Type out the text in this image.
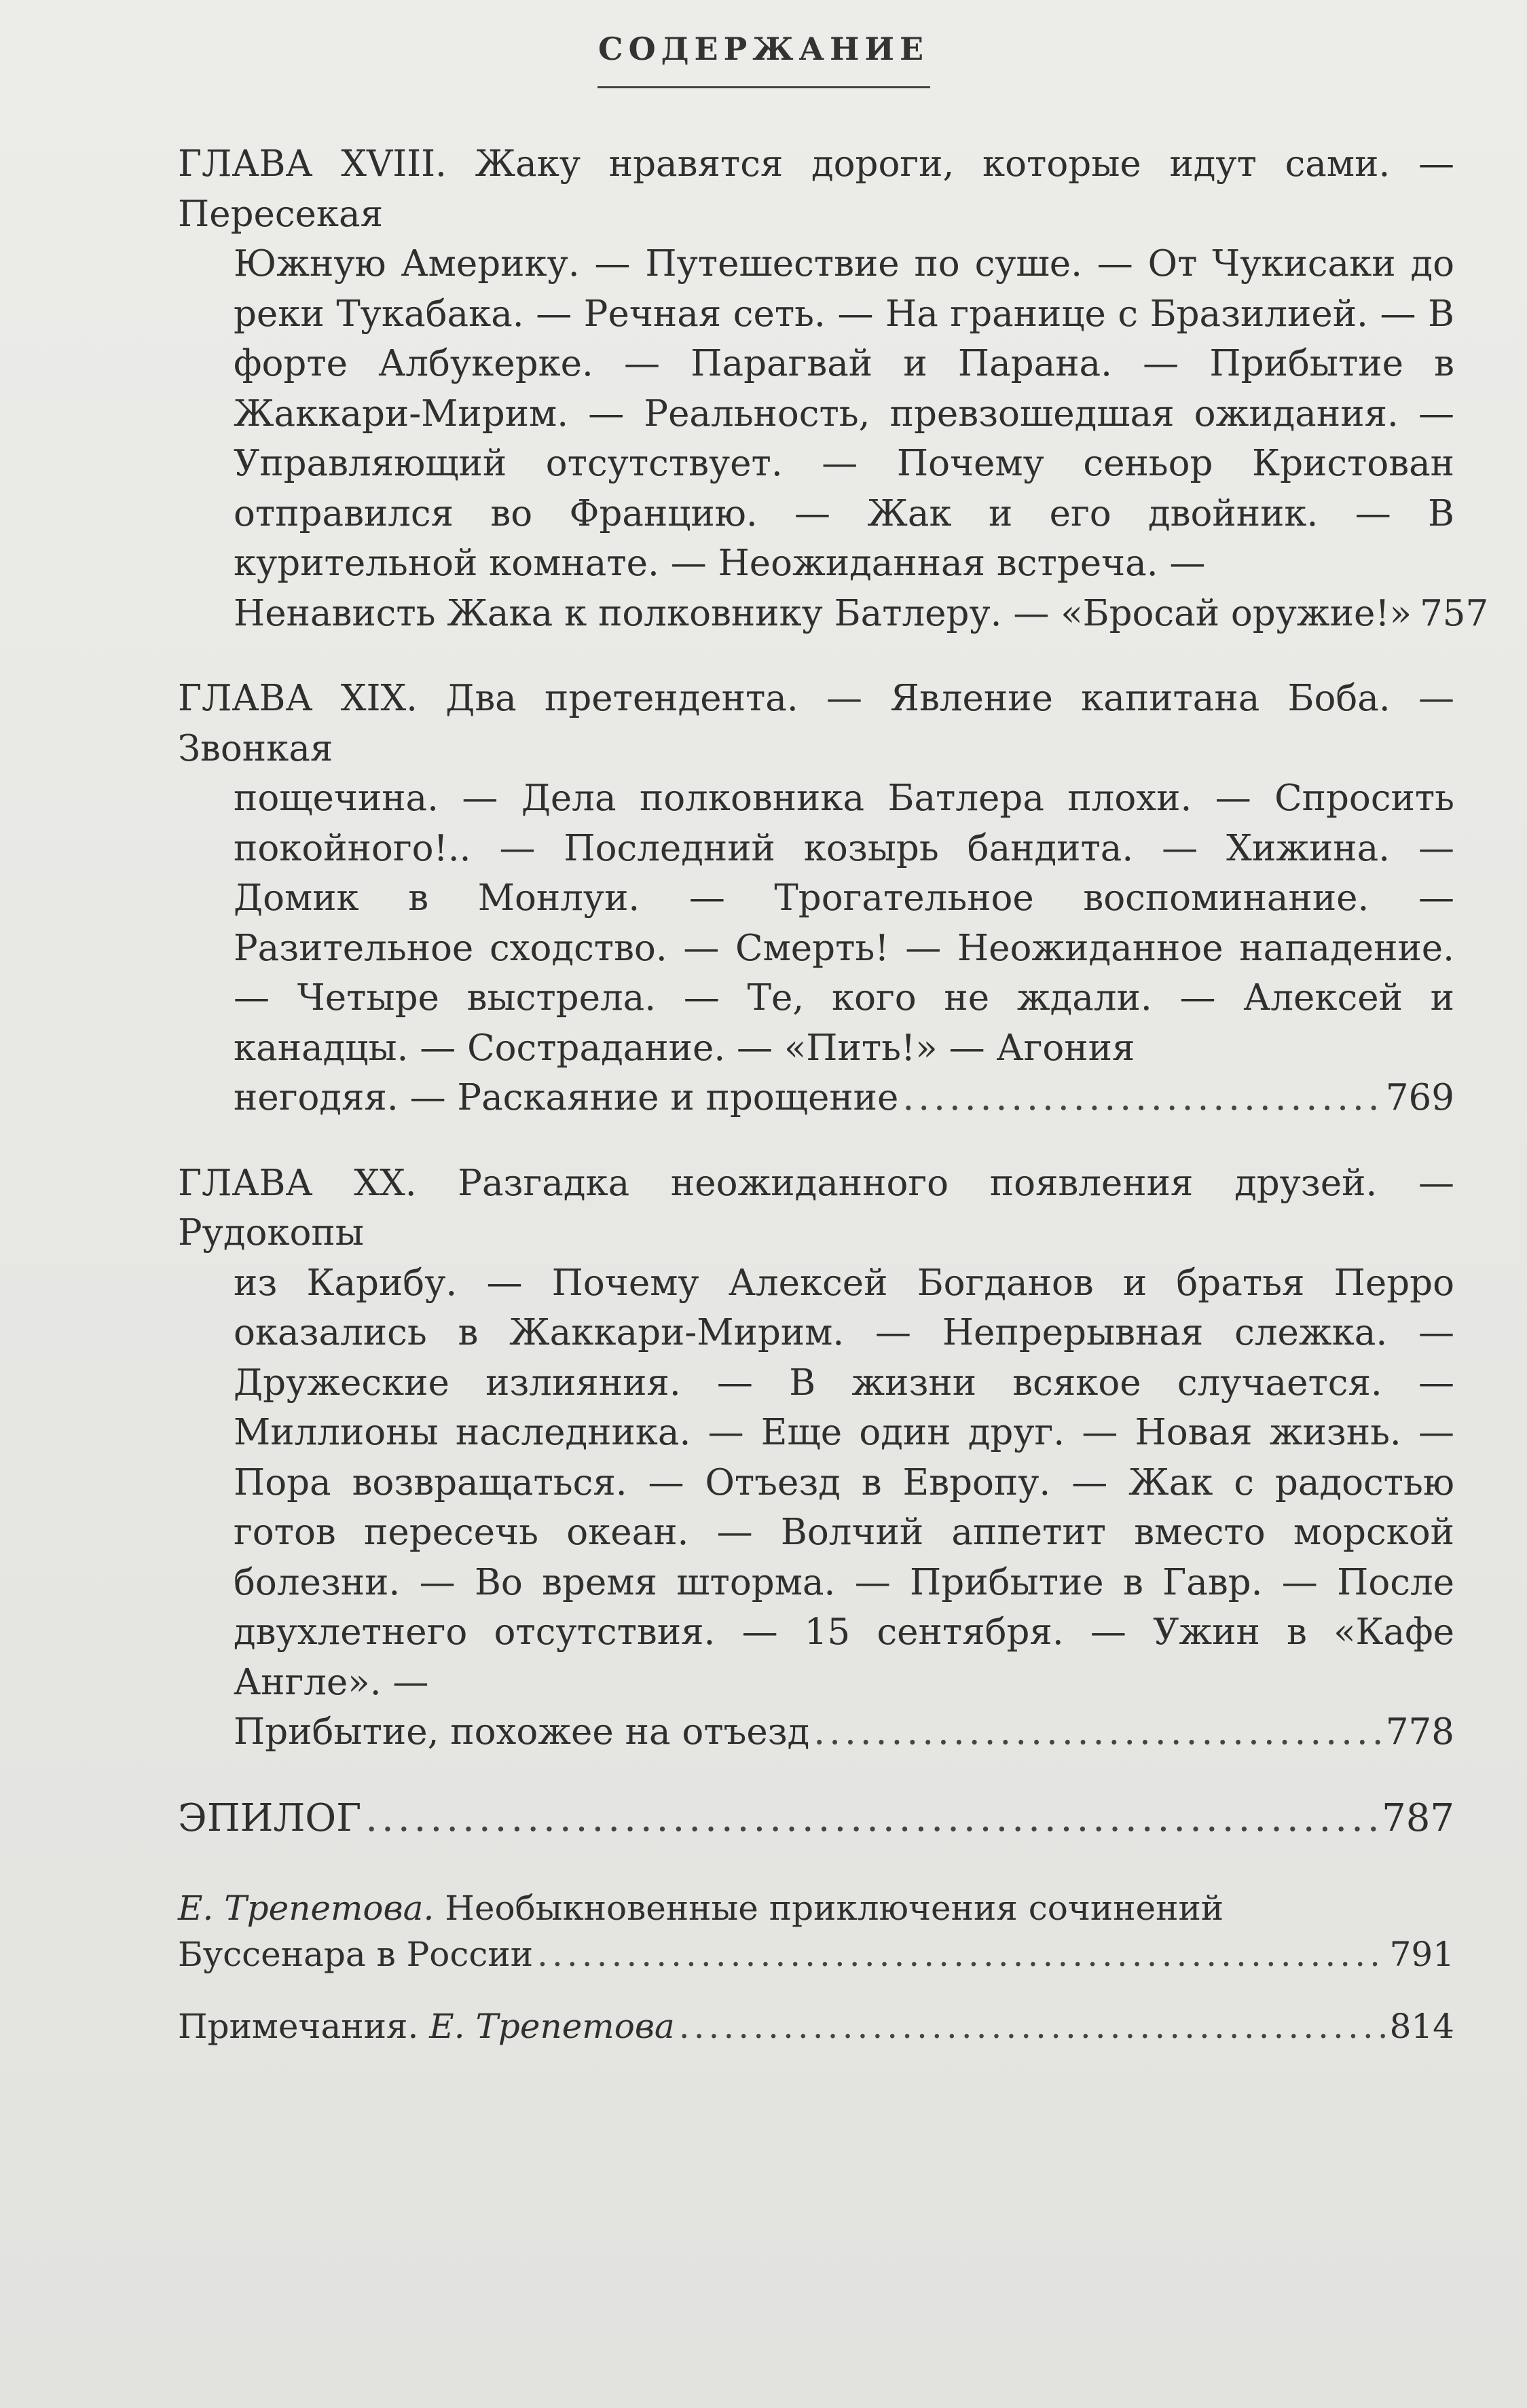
СОДЕРЖАНИЕ
ГЛАВА XVIII. Жаку нравятся дороги, которые идут сами. — Пересекая
Южную Америку. — Путешествие по суше. — От Чукисаки до реки Тукабака. — Речная сеть. — На границе с Бразилией. — В форте Албукерке. — Парагвай и Парана. — Прибытие в Жаккари-Мирим. — Реальность, превзошедшая ожидания. — Управляющий отсутствует. — Почему сеньор Кристован отправился во Францию. — Жак и его двойник. — В курительной комнате. — Неожиданная встреча. —
Ненависть Жака к полковнику Батлеру. — «Бросай оружие!» 757
ГЛАВА XIX. Два претендента. — Явление капитана Боба. — Звонкая
пощечина. — Дела полковника Батлера плохи. — Спросить покойного!.. — Последний козырь бандита. — Хижина. — Домик в Монлуи. — Трогательное воспоминание. — Разительное сходство. — Смерть! — Неожиданное нападение. — Четыре выстрела. — Те, кого не ждали. — Алексей и канадцы. — Сострадание. — «Пить!» — Агония
негодяя. — Раскаяние и прощение .....	769
ГЛАВА XX. Разгадка неожиданного появления друзей. — Рудокопы
из Карибу. — Почему Алексей Богданов и братья Перро оказались в Жаккари-Мирим. — Непрерывная слежка. — Дружеские излияния. — В жизни всякое случается. — Миллионы наследника. — Еще один друг. — Новая жизнь. — Пора возвращаться. — Отъезд в Европу. — Жак с радостью готов пересечь океан. — Волчий аппетит вместо морской болезни. — Во время шторма. — Прибытие в Гавр. — После двухлетнего отсутствия. — 15 сентября. — Ужин в «Кафе Англе». —
Прибытие, похожее на отъезд .....	778
ЭПИЛОГ .....	787
Е. Трепетова. Необыкновенные приключения сочинений
Буссенара в России .....	791
Примечания. Е. Трепетова .....	814
